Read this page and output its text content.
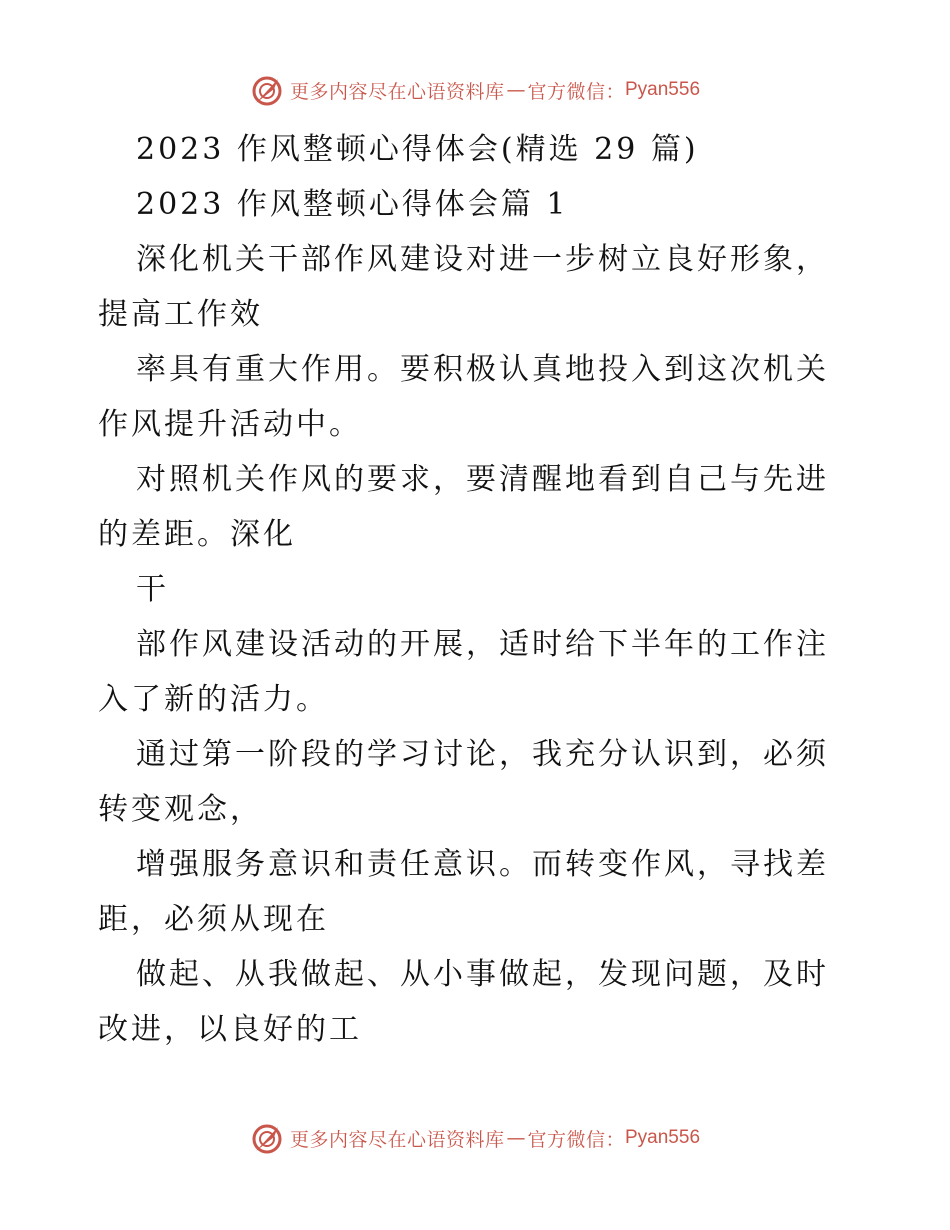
更多内容尽在心语资料库 — 官方微信： Pyan556
2023 作风整顿心得体会(精选 29 篇)
2023 作风整顿心得体会篇 1
深化机关干部作风建设对进一步树立良好形象，
提高工作效
率具有重大作用。要积极认真地投入到这次机关
作风提升活动中。
对照机关作风的要求，要清醒地看到自己与先进
的差距。深化
干
部作风建设活动的开展，适时给下半年的工作注
入了新的活力。
通过第一阶段的学习讨论，我充分认识到，必须
转变观念，
增强服务意识和责任意识。而转变作风，寻找差
距，必须从现在
做起、从我做起、从小事做起，发现问题，及时
改进，以良好的工
更多内容尽在心语资料库 — 官方微信： Pyan556
